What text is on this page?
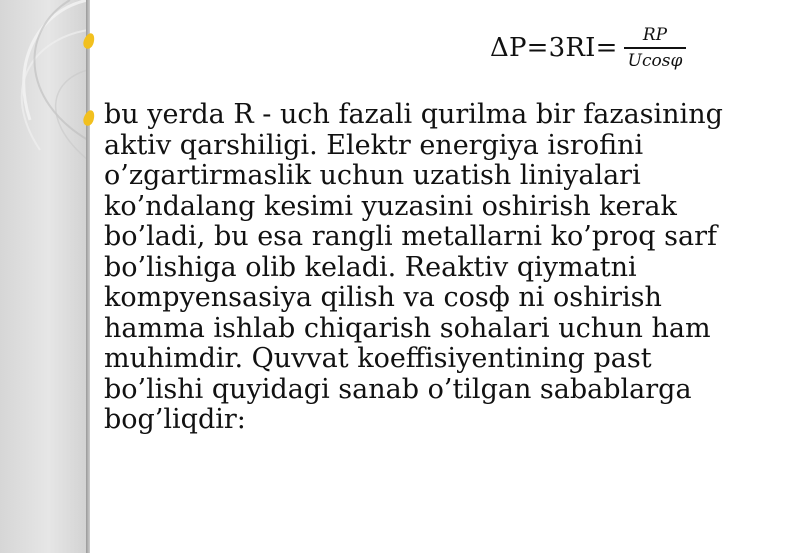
$\Delta P=3RI= \frac{RP}{Ucos\varphi}$

bu yerda R - uch fazali qurilma bir fazasining
aktiv qarshiligi. Elektr energiya isrofini
o’zgartirmaslik uchun uzatish liniyalari
ko’ndalang kesimi yuzasini oshirish kerak
bo’ladi, bu esa rangli metallarni ko’proq sarf
bo’lishiga olib keladi. Reaktiv qiymatni
kompyensasiya qilish va cosф ni oshirish
hamma ishlab chiqarish sohalari uchun ham
muhimdir. Quvvat koeffisiyentining past
bo’lishi quyidagi sanab o’tilgan sabablarga
bog’liqdir:
